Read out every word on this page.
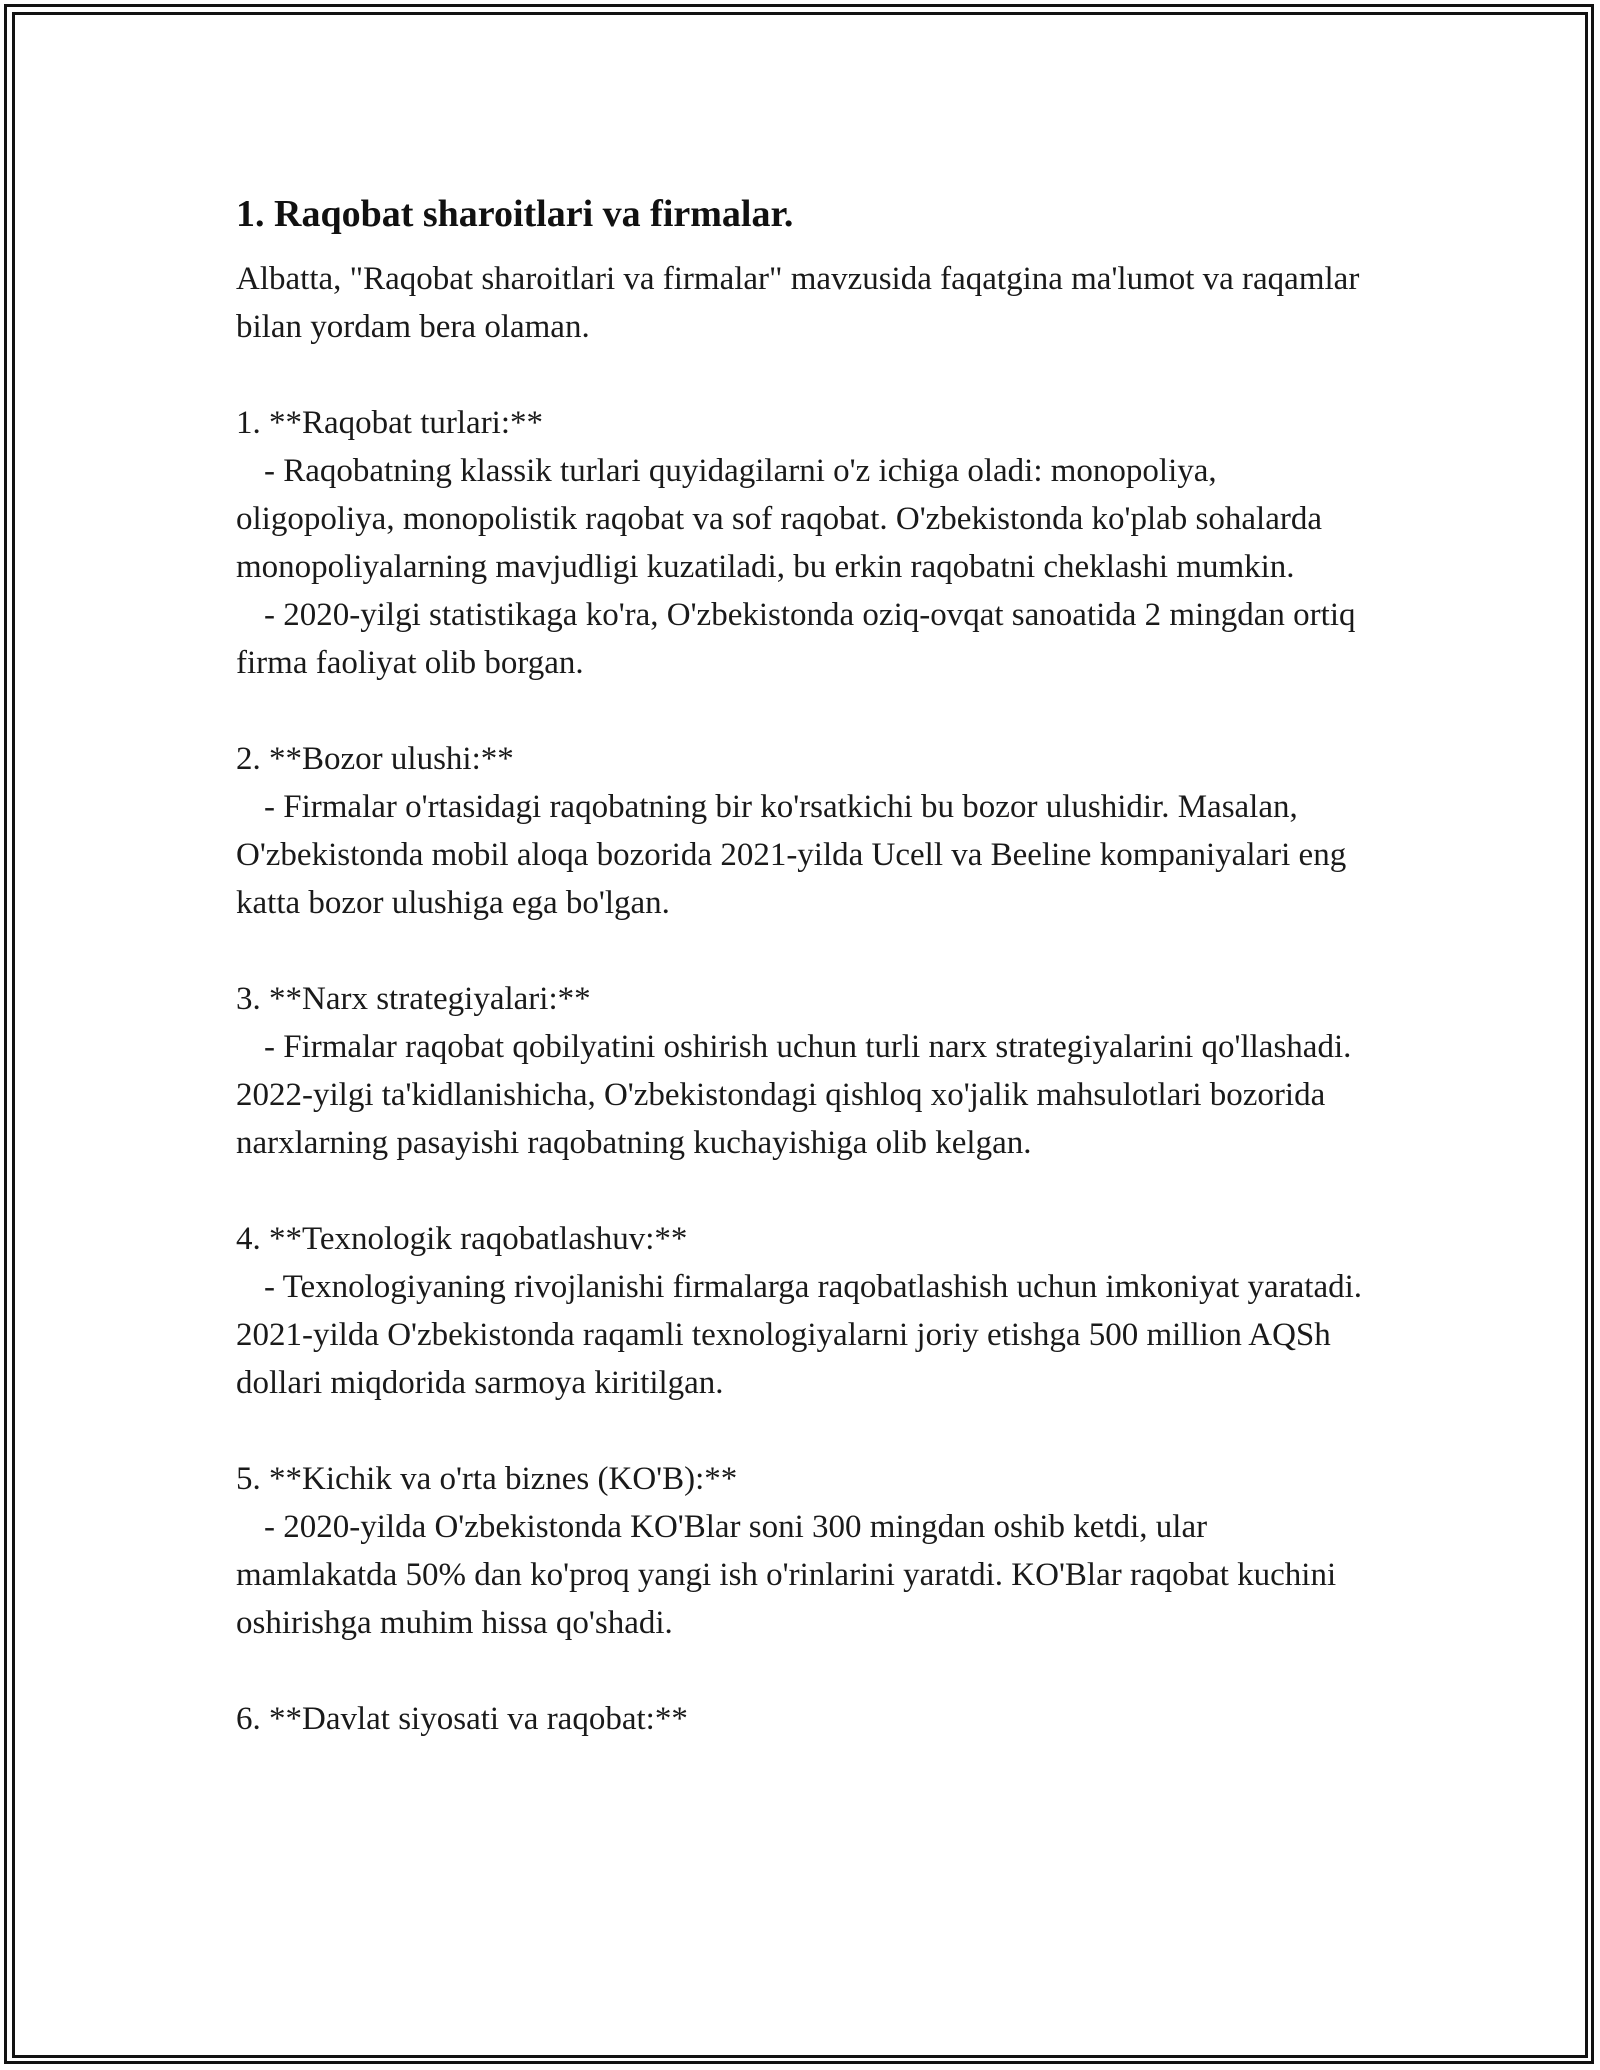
1. Raqobat sharoitlari va firmalar.

Albatta, "Raqobat sharoitlari va firmalar" mavzusida faqatgina ma'lumot va raqamlar bilan yordam bera olaman.

1. **Raqobat turlari:**

- Raqobatning klassik turlari quyidagilarni o'z ichiga oladi: monopoliya, oligopoliya, monopolistik raqobat va sof raqobat. O'zbekistonda ko'plab sohalarda monopoliyalarning mavjudligi kuzatiladi, bu erkin raqobatni cheklashi mumkin.

- 2020-yilgi statistikaga ko'ra, O'zbekistonda oziq-ovqat sanoatida 2 mingdan ortiq firma faoliyat olib borgan.

2. **Bozor ulushi:**

- Firmalar o'rtasidagi raqobatning bir ko'rsatkichi bu bozor ulushidir. Masalan, O'zbekistonda mobil aloqa bozorida 2021-yilda Ucell va Beeline kompaniyalari eng katta bozor ulushiga ega bo'lgan.

3. **Narx strategiyalari:**

- Firmalar raqobat qobilyatini oshirish uchun turli narx strategiyalarini qo'llashadi. 2022-yilgi ta'kidlanishicha, O'zbekistondagi qishloq xo'jalik mahsulotlari bozorida narxlarning pasayishi raqobatning kuchayishiga olib kelgan.

4. **Texnologik raqobatlashuv:**

- Texnologiyaning rivojlanishi firmalarga raqobatlashish uchun imkoniyat yaratadi. 2021-yilda O'zbekistonda raqamli texnologiyalarni joriy etishga 500 million AQSh dollari miqdorida sarmoya kiritilgan.

5. **Kichik va o'rta biznes (KO'B):**

- 2020-yilda O'zbekistonda KO'Blar soni 300 mingdan oshib ketdi, ular mamlakatda 50% dan ko'proq yangi ish o'rinlarini yaratdi. KO'Blar raqobat kuchini oshirishga muhim hissa qo'shadi.

6. **Davlat siyosati va raqobat:**
